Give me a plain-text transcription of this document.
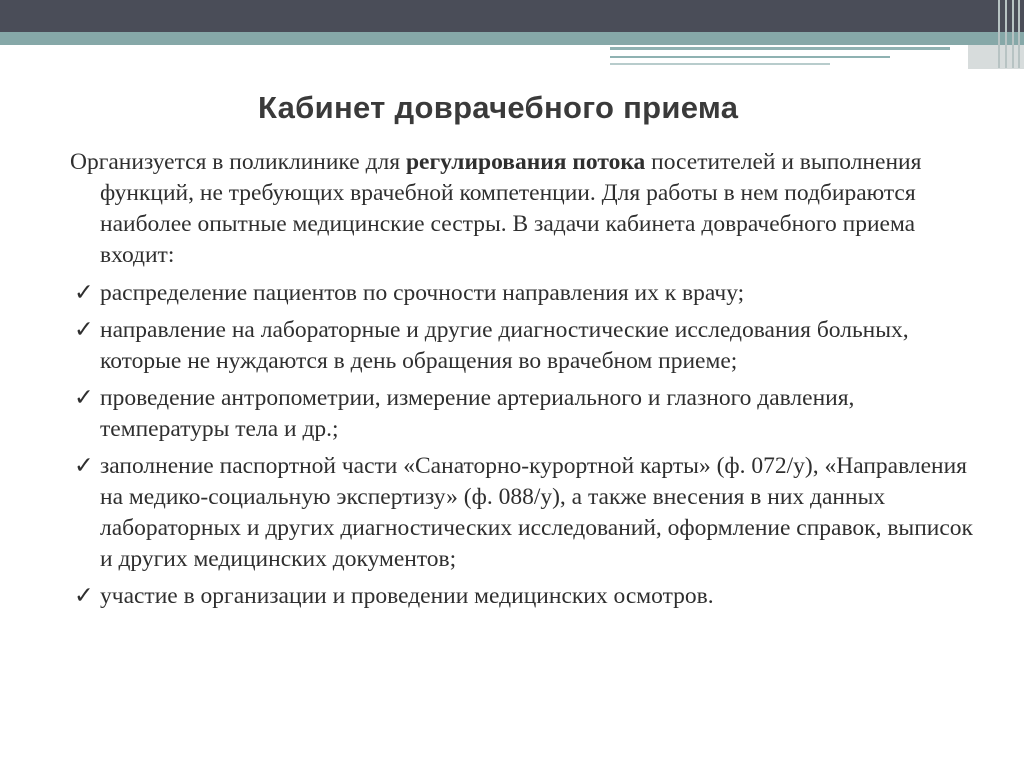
Кабинет доврачебного приема

Организуется в поликлинике для регулирования потока посетителей и выполнения функций, не требующих врачебной компетенции. Для работы в нем подбираются наиболее опытные медицинские сестры. В задачи кабинета доврачебного приема входит:

✓ распределение пациентов по срочности направления их к врачу;
✓ направление на лабораторные и другие диагностические исследования больных, которые не нуждаются в день обращения во врачебном приеме;
✓ проведение антропометрии, измерение артериального и глазного давления, температуры тела и др.;
✓ заполнение паспортной части «Санаторно-курортной карты» (ф. 072/у), «Направления на медико-социальную экспертизу» (ф. 088/у), а также внесения в них данных лабораторных и других диагностических исследований, оформление справок, выписок и других медицинских документов;
✓ участие в организации и проведении медицинских осмотров.
